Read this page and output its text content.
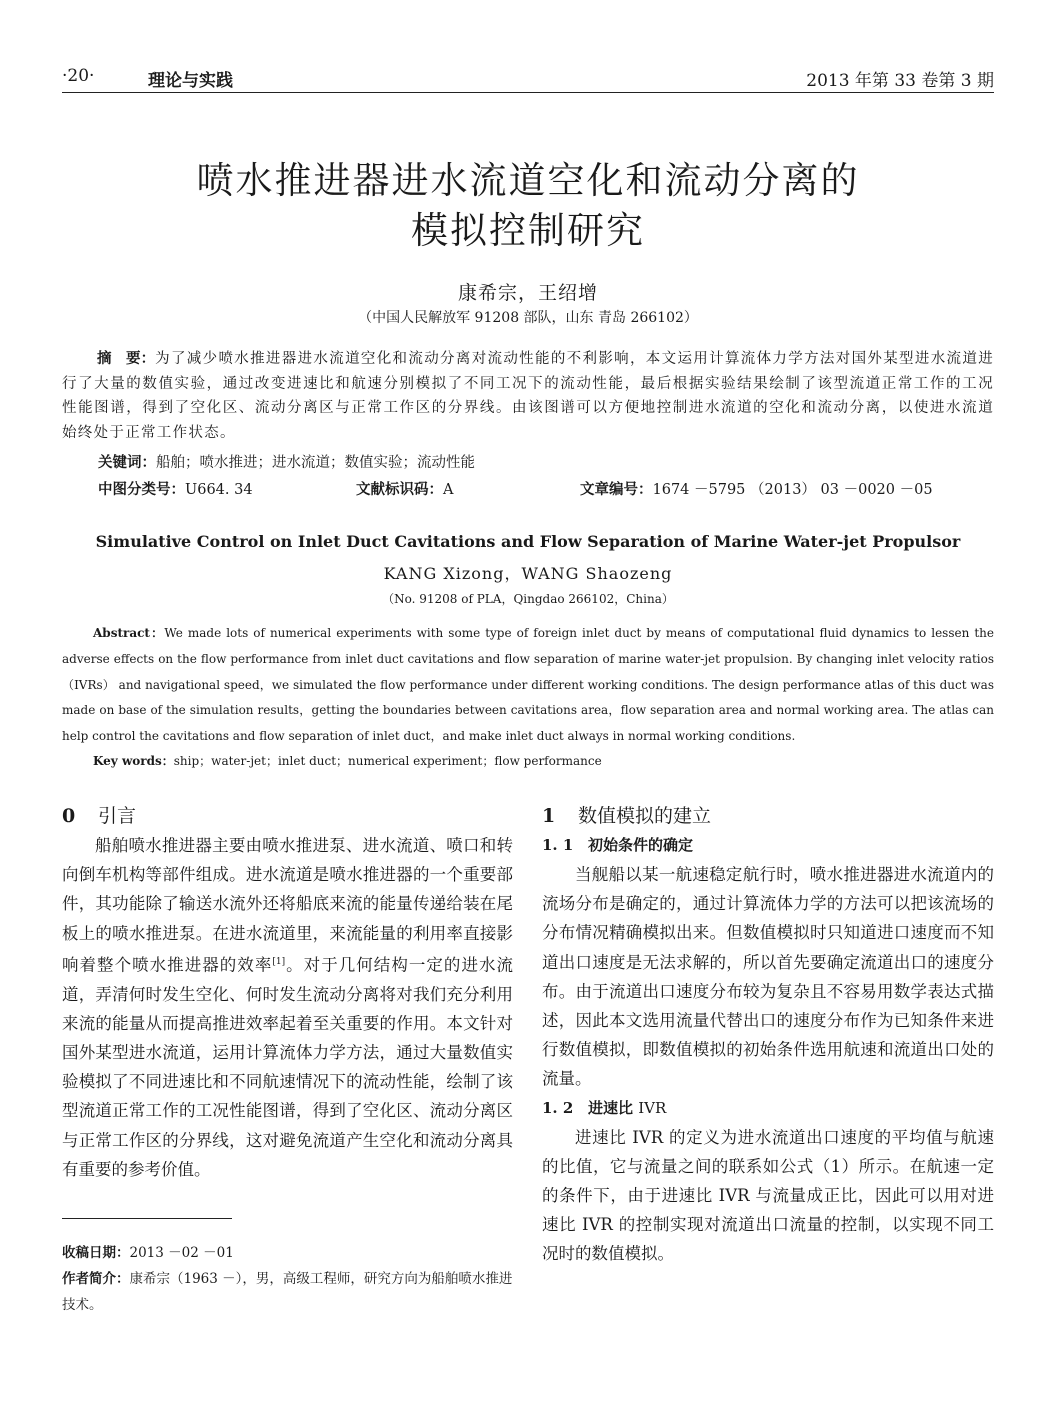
·20·	理论与实践	2013 年第 33 卷第 3 期
喷水推进器进水流道空化和流动分离的
模拟控制研究
康希宗，王绍增
（中国人民解放军 91208 部队，山东 青岛 266102）
摘　要：为了减少喷水推进器进水流道空化和流动分离对流动性能的不利影响，本文运用计算流体力学方法对国外某型进水流道进行了大量的数值实验，通过改变进速比和航速分别模拟了不同工况下的流动性能，最后根据实验结果绘制了该型流道正常工作的工况性能图谱，得到了空化区、流动分离区与正常工作区的分界线。由该图谱可以方便地控制进水流道的空化和流动分离，以使进水流道始终处于正常工作状态。
关键词：船舶；喷水推进；进水流道；数值实验；流动性能
中图分类号：U664. 34	文献标识码：A	文章编号：1674 －5795 （2013） 03 －0020 －05
Simulative Control on Inlet Duct Cavitations and Flow Separation of Marine Water-jet Propulsor
KANG Xizong，WANG Shaozeng
（No. 91208 of PLA，Qingdao 266102，China）
Abstract：We made lots of numerical experiments with some type of foreign inlet duct by means of computational fluid dynamics to lessen the adverse effects on the flow performance from inlet duct cavitations and flow separation of marine water-jet propulsion. By changing inlet velocity ratios（IVRs） and navigational speed，we simulated the flow performance under different working conditions. The design performance atlas of this duct was made on base of the simulation results，getting the boundaries between cavitations area，flow separation area and normal working area. The atlas can help control the cavitations and flow separation of inlet duct，and make inlet duct always in normal working conditions.
Key words：ship；water-jet；inlet duct；numerical experiment；flow performance
0 引言

船舶喷水推进器主要由喷水推进泵、进水流道、喷口和转向倒车机构等部件组成。进水流道是喷水推进器的一个重要部件，其功能除了输送水流外还将船底来流的能量传递给装在尾板上的喷水推进泵。在进水流道里，来流能量的利用率直接影响着整个喷水推进器的效率[1]。对于几何结构一定的进水流道，弄清何时发生空化、何时发生流动分离将对我们充分利用来流的能量从而提高推进效率起着至关重要的作用。本文针对国外某型进水流道，运用计算流体力学方法，通过大量数值实验模拟了不同进速比和不同航速情况下的流动性能，绘制了该型流道正常工作的工况性能图谱，得到了空化区、流动分离区与正常工作区的分界线，这对避免流道产生空化和流动分离具有重要的参考价值。

1 数值模拟的建立
1. 1 初始条件的确定

当舰船以某一航速稳定航行时，喷水推进器进水流道内的流场分布是确定的，通过计算流体力学的方法可以把该流场的分布情况精确模拟出来。但数值模拟时只知道进口速度而不知道出口速度是无法求解的，所以首先要确定流道出口的速度分布。由于流道出口速度分布较为复杂且不容易用数学表达式描述，因此本文选用流量代替出口的速度分布作为已知条件来进行数值模拟，即数值模拟的初始条件选用航速和流道出口处的流量。

1. 2 进速比 IVR

进速比 IVR 的定义为进水流道出口速度的平均值与航速的比值，它与流量之间的联系如公式（1）所示。在航速一定的条件下，由于进速比 IVR 与流量成正比，因此可以用对进速比 IVR 的控制实现对流道出口流量的控制，以实现不同工况时的数值模拟。

收稿日期：2013 －02 －01
作者简介：康希宗（1963 －），男，高级工程师，研究方向为船舶喷水推进技术。
